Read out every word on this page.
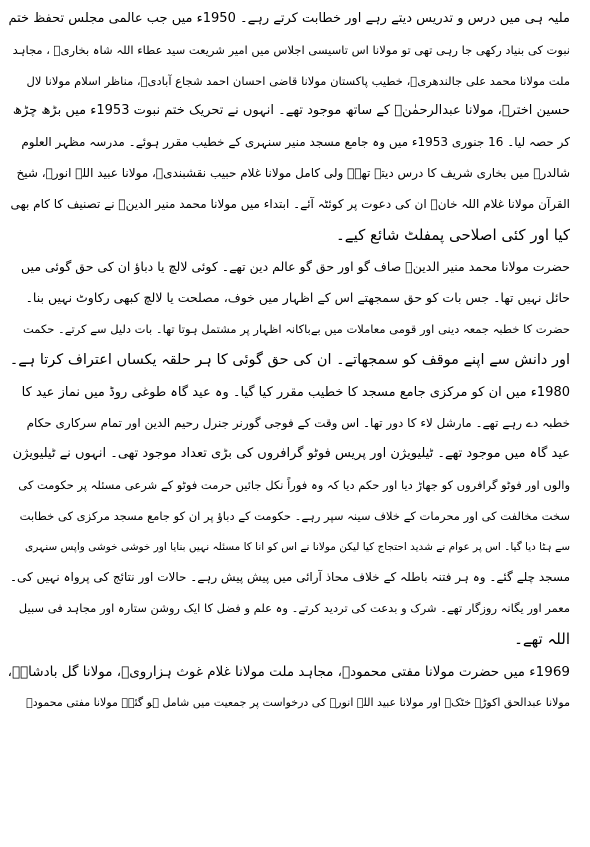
ملیہ ہی میں درس و تدریس دیتے رہے اور خطابت کرتے رہے۔ 1950ء میں جب عالمی مجلس تحفظ ختم
نبوت کی بنیاد رکھی جا رہی تھی تو مولانا اس تاسیسی اجلاس میں امیر شریعت سید عطاء اللہ شاہ بخاریؒ ، مجاہد
ملت مولانا محمد علی جالندھریؒ، خطیب پاکستان مولانا قاضی احسان احمد شجاع آبادیؒ، مناظر اسلام مولانا لال
حسین اخترؒ، مولانا عبدالرحمٰنؒ کے ساتھ موجود تھے۔ انہوں نے تحریک ختم نبوت 1953ء میں بڑھ چڑھ
کر حصہ لیا۔ 16 جنوری 1953ء میں وہ جامع مسجد منیر سنہری کے خطیب مقرر ہوئے۔ مدرسہ مظہر العلوم
شالدرہ میں بخاری شریف کا درس دیتے تھے۔ ولی کامل مولانا غلام حبیب نقشبندیؒ، مولانا عبید اللہ انورؒ، شیخ
القرآن مولانا غلام اللہ خانؒ ان کی دعوت پر کوئٹہ آئے۔ ابتداء میں مولانا محمد منیر الدینؒ نے تصنیف کا کام بھی
کیا اور کئی اصلاحی پمفلٹ شائع کیے۔
حضرت مولانا محمد منیر الدینؒ صاف گو اور حق گو عالم دین تھے۔ کوئی لالچ یا دباؤ ان کی حق گوئی میں
حائل نہیں تھا۔ جس بات کو حق سمجھتے اس کے اظہار میں خوف، مصلحت یا لالچ کبھی رکاوٹ نہیں بنا۔
حضرت کا خطبہ جمعہ دینی اور قومی معاملات میں بےباکانہ اظہار پر مشتمل ہوتا تھا۔ بات دلیل سے کرتے۔ حکمت
اور دانش سے اپنے موقف کو سمجھاتے۔ ان کی حق گوئی کا ہر حلقہ یکساں اعتراف کرتا ہے۔
1980ء میں ان کو مرکزی جامع مسجد کا خطیب مقرر کیا گیا۔ وہ عید گاہ طوغی روڈ میں نماز عید کا
خطبہ دے رہے تھے۔ مارشل لاء کا دور تھا۔ اس وقت کے فوجی گورنر جنرل رحیم الدین اور تمام سرکاری حکام
عید گاہ میں موجود تھے۔ ٹیلیویژن اور پریس فوٹو گرافروں کی بڑی تعداد موجود تھی۔ انہوں نے ٹیلیویژن
والوں اور فوٹو گرافروں کو جھاڑ دیا اور حکم دیا کہ وہ فوراً نکل جائیں حرمت فوٹو کے شرعی مسئلہ پر حکومت کی
سخت مخالفت کی اور محرمات کے خلاف سینہ سپر رہے۔ حکومت کے دباؤ پر ان کو جامع مسجد مرکزی کی خطابت
سے ہٹا دیا گیا۔ اس پر عوام نے شدید احتجاج کیا لیکن مولانا نے اس کو انا کا مسئلہ نہیں بنایا اور خوشی خوشی واپس سنہری
مسجد چلے گئے۔ وہ ہر فتنہ باطلہ کے خلاف محاذ آرائی میں پیش پیش رہے۔ حالات اور نتائج کی پرواہ نہیں کی۔
معمر اور یگانہ روزگار تھے۔ شرک و بدعت کی تردید کرتے۔ وہ علم و فضل کا ایک روشن ستارہ اور مجاہد فی سبیل
اللہ تھے۔
1969ء میں حضرت مولانا مفتی محمودؒ، مجاہد ملت مولانا غلام غوث ہزارویؒ، مولانا گل بادشاہؒ،
مولانا عبدالحق اکوڑہ خٹکؒ اور مولانا عبید اللہ انورؒ کی درخواست پر جمعیت میں شامل ہو گئے۔ مولانا مفتی محمودؒ
